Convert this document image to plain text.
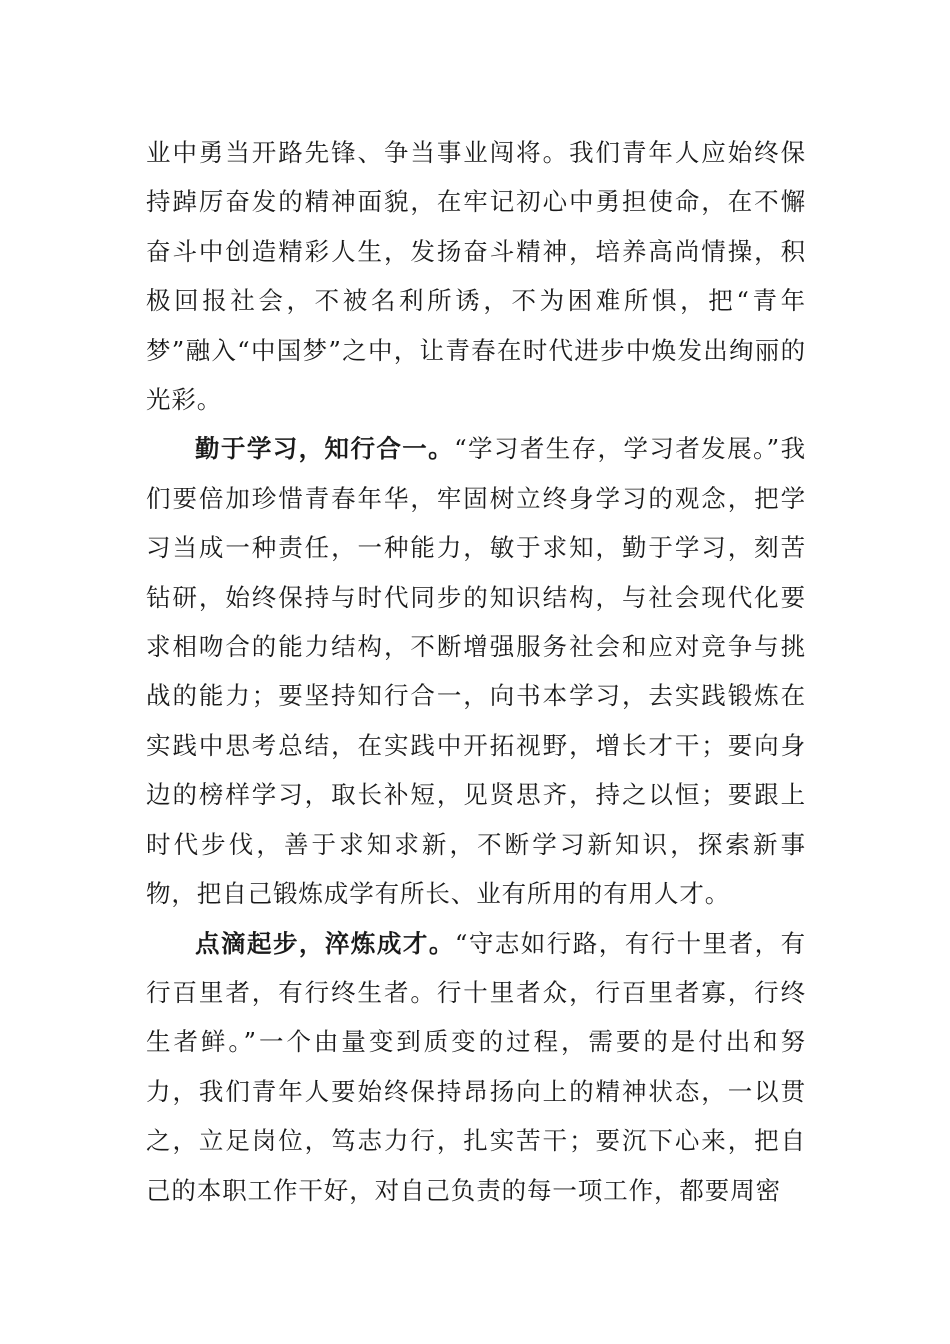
业中勇当开路先锋、争当事业闯将。我们青年人应始终保持踔厉奋发的精神面貌，在牢记初心中勇担使命，在不懈奋斗中创造精彩人生，发扬奋斗精神，培养高尚情操，积极回报社会，不被名利所诱，不为困难所惧，把“青年梦”融入“中国梦”之中，让青春在时代进步中焕发出绚丽的光彩。

勤于学习，知行合一。“学习者生存，学习者发展。”我们要倍加珍惜青春年华，牢固树立终身学习的观念，把学习当成一种责任，一种能力，敏于求知，勤于学习，刻苦钻研，始终保持与时代同步的知识结构，与社会现代化要求相吻合的能力结构，不断增强服务社会和应对竞争与挑战的能力；要坚持知行合一，向书本学习，去实践锻炼在实践中思考总结，在实践中开拓视野，增长才干；要向身边的榜样学习，取长补短，见贤思齐，持之以恒；要跟上时代步伐，善于求知求新，不断学习新知识，探索新事物，把自己锻炼成学有所长、业有所用的有用人才。

点滴起步，淬炼成才。“守志如行路，有行十里者，有行百里者，有行终生者。行十里者众，行百里者寡，行终生者鲜。”一个由量变到质变的过程，需要的是付出和努力，我们青年人要始终保持昂扬向上的精神状态，一以贯之，立足岗位，笃志力行，扎实苦干；要沉下心来，把自己的本职工作干好，对自己负责的每一项工作，都要周密
